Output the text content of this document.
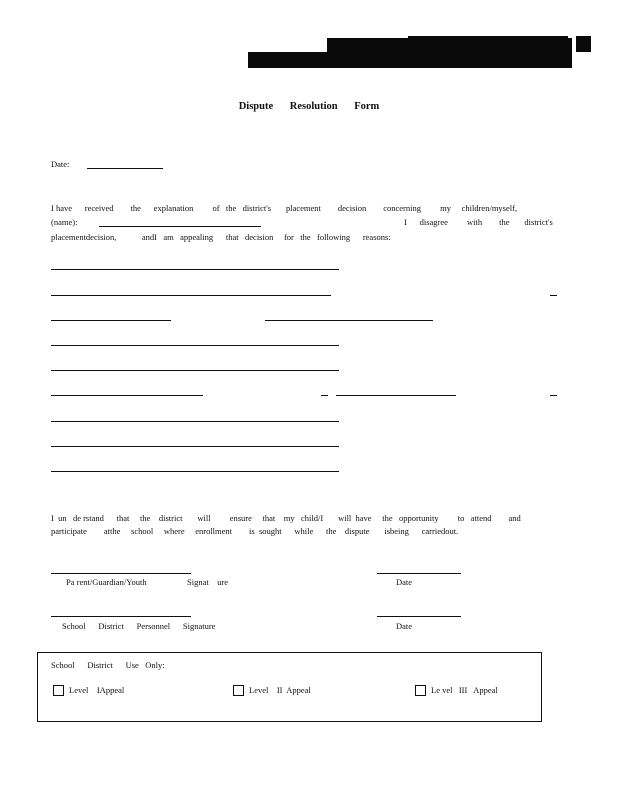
Dispute Resolution Form
Date:
I have      received        the      explanation         of   the   district's       placement        decision        concerning         my     children/myself,
(name):	I      disagree         with        the       district's
placementdecision,            andI   am   appealing      that   decision     for   the   following      reasons:
I  un   de rstand      that     the    district       will         ensure     that    my   child/I       will  have     the   opportunity         to   attend        and
participate        atthe     school     where     enrollment        is  sought      while      the    dispute       isbeing      carriedout.
Pa rent/Guardian/Youth	Signat    ure	Date
School      District      Personnel      Signature	Date
School      District      Use   Only:
Level    IAppeal	Level    II  Appeal	Le vel   III   Appeal
